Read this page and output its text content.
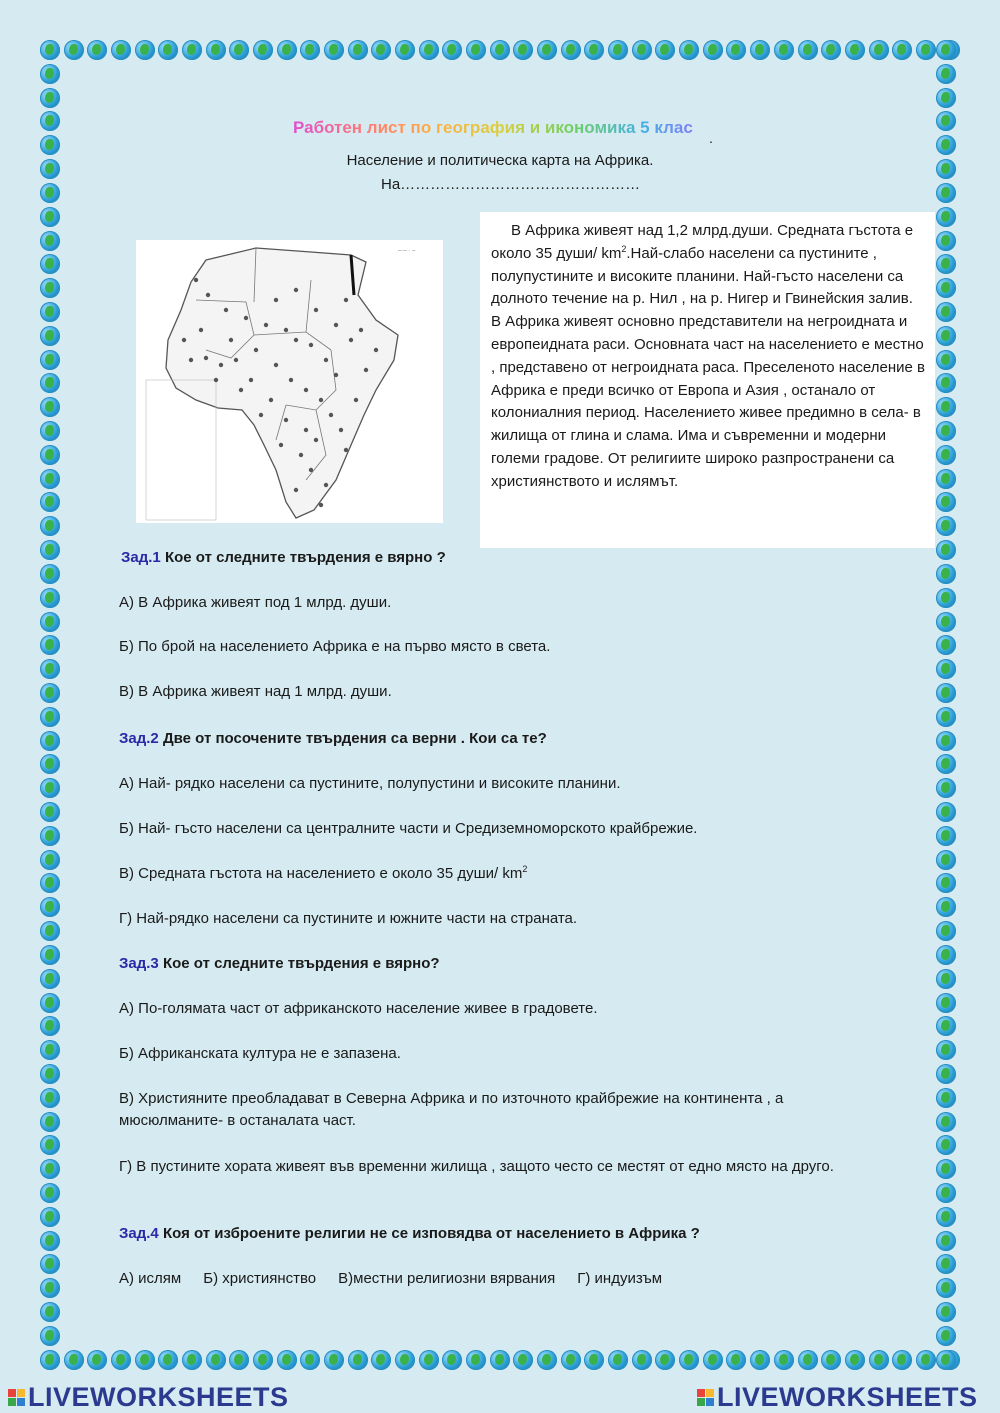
Работен лист по география и икономика 5 клас
.
Население и политическа карта на Африка.
На…………………………………………
–·– · –
В Африка живеят над 1,2 млрд.души. Средната гъстота е около 35 души/ $km^2.Най$-слабо населени са пустините , полупустините и високите планини. Най-гъсто населени са долното течение на р. Нил , на р. Нигер и Гвинейския залив. В Африка живеят основно представители на негроидната и европеидната раси. Основната част на населението е местно , представено от негроидната раса. Преселеното население в Африка е преди всичко от Европа и Азия , останало от колониалния период. Населението живее предимно в села- в жилища от глина и слама. Има и съвременни и модерни големи градове. От религиите широко разпространени са християнството и ислямът.
Зад.1 Кое от следните твърдения е вярно ?
А) В Африка живеят под 1 млрд. души.
Б) По брой на населението Африка е на първо място в света.
В) В Африка живеят над 1 млрд. души.
Зад.2 Две от посочените твърдения са верни . Кои са те?
А) Най- рядко населени са пустините, полупустини и високите планини.
Б) Най- гъсто населени са централните части и Средиземноморското крайбрежие.
В) Средната гъстота на населението е около 35 души/ $km^2$
Г) Най-рядко населени са пустините и южните части на страната.
Зад.3 Кое от следните твърдения е вярно?
А) По-голямата част от африканското население живее в градовете.
Б) Африканската култура не е запазена.
В) Християните преобладават в Северна Африка и по източното крайбрежие на континента , а мюсюлманите- в останалата част.
Г) В пустините хората живеят във временни жилища , защото често се местят от едно място на друго.
Зад.4 Коя от изброените религии не се изповядва от населението в Африка ?
А) ислям Б) християнство В)местни религиозни вярвания Г) индуизъм
LIVEWORKSHEETS	LIVEWORKSHEETS
